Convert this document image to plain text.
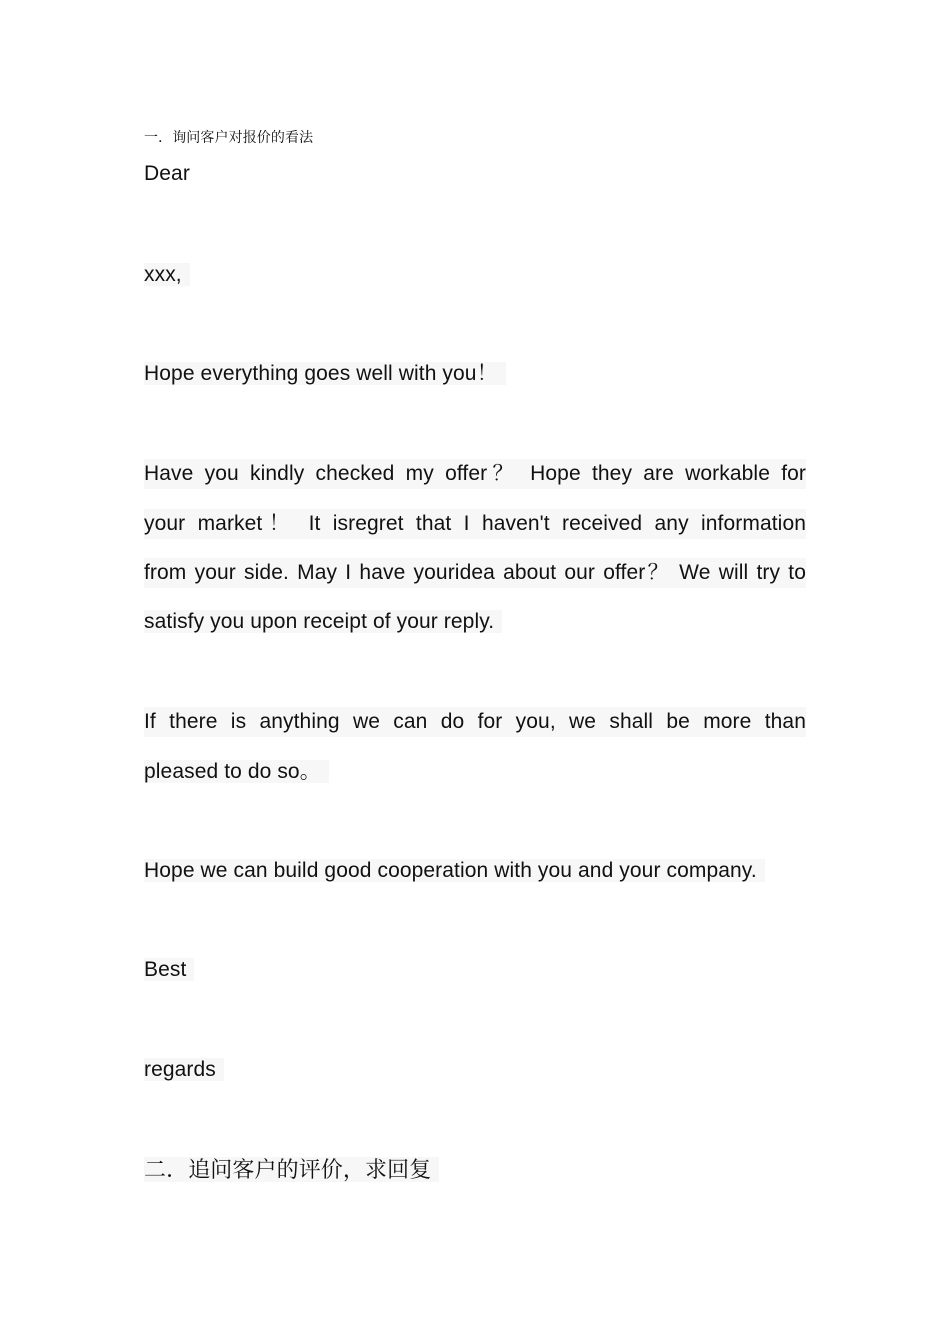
一．询问客户对报价的看法
Dear
xxx,
Hope everything goes well with you！
Have you kindly checked my offer？ Hope they are workable for
your market！ It isregret that I haven't received any information
from your side. May I have youridea about our offer？ We will try to
satisfy you upon receipt of your reply.
If there is anything we can do for you, we shall be more than
pleased to do so。
Hope we can build good cooperation with you and your company.
Best
regards
二．追问客户的评价，求回复
